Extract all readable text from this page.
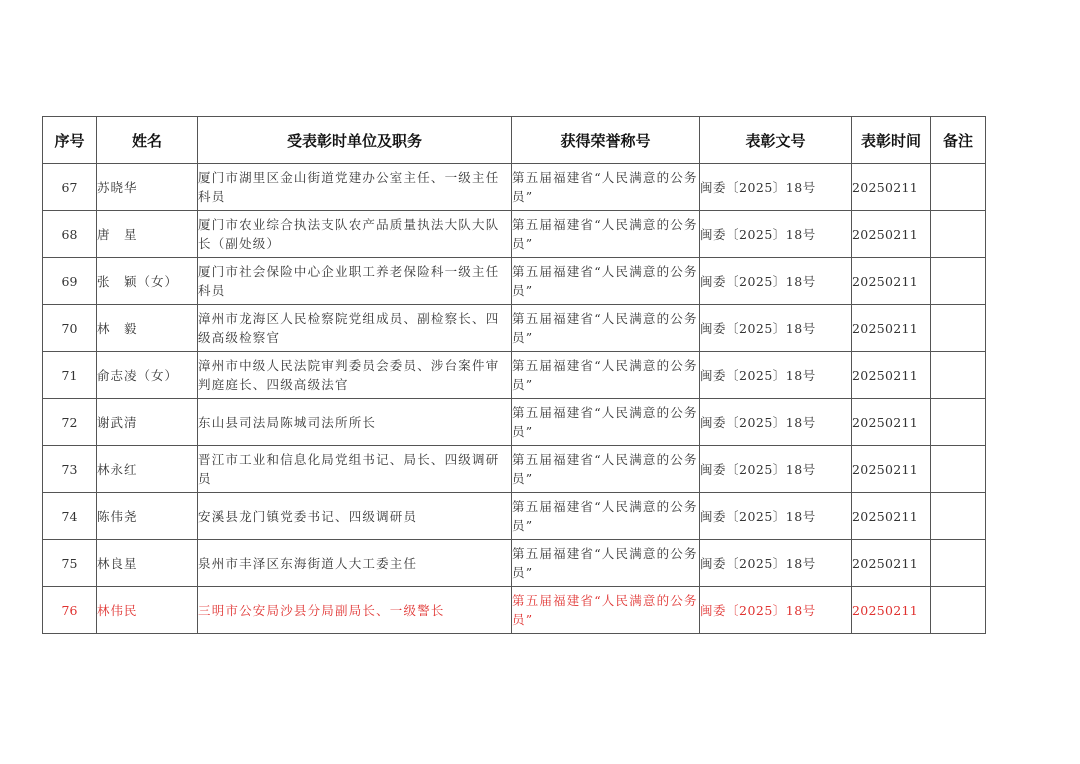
序号	姓名	受表彰时单位及职务	获得荣誉称号	表彰文号	表彰时间	备注
67	苏晓华	厦门市湖里区金山街道党建办公室主任、一级主任科员	第五届福建省“人民满意的公务员”	闽委〔2025〕18号	20250211	
68	唐　星	厦门市农业综合执法支队农产品质量执法大队大队长（副处级）	第五届福建省“人民满意的公务员”	闽委〔2025〕18号	20250211	
69	张　颖（女）	厦门市社会保险中心企业职工养老保险科一级主任科员	第五届福建省“人民满意的公务员”	闽委〔2025〕18号	20250211	
70	林　毅	漳州市龙海区人民检察院党组成员、副检察长、四级高级检察官	第五届福建省“人民满意的公务员”	闽委〔2025〕18号	20250211	
71	俞志凌（女）	漳州市中级人民法院审判委员会委员、涉台案件审判庭庭长、四级高级法官	第五届福建省“人民满意的公务员”	闽委〔2025〕18号	20250211	
72	谢武清	东山县司法局陈城司法所所长	第五届福建省“人民满意的公务员”	闽委〔2025〕18号	20250211	
73	林永红	晋江市工业和信息化局党组书记、局长、四级调研员	第五届福建省“人民满意的公务员”	闽委〔2025〕18号	20250211	
74	陈伟尧	安溪县龙门镇党委书记、四级调研员	第五届福建省“人民满意的公务员”	闽委〔2025〕18号	20250211	
75	林良星	泉州市丰泽区东海街道人大工委主任	第五届福建省“人民满意的公务员”	闽委〔2025〕18号	20250211	
76	林伟民	三明市公安局沙县分局副局长、一级警长	第五届福建省“人民满意的公务员”	闽委〔2025〕18号	20250211	
